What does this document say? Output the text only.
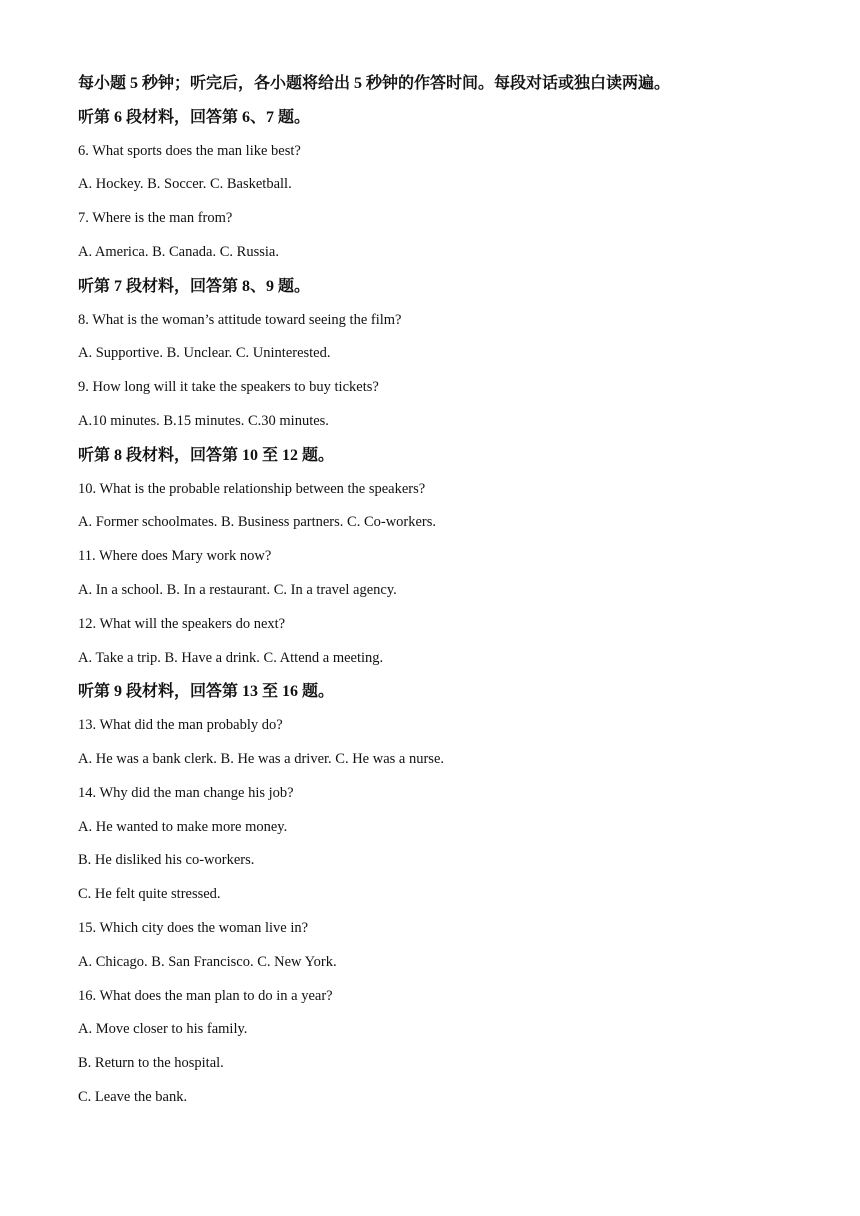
每小题 5 秒钟；听完后，各小题将给出 5 秒钟的作答时间。每段对话或独白读两遍。
听第 6 段材料，回答第 6、7 题。
6. What sports does the man like best?
A. Hockey. B. Soccer. C. Basketball.
7. Where is the man from?
A. America. B. Canada. C. Russia.
听第 7 段材料，回答第 8、9 题。
8. What is the woman’s attitude toward seeing the film?
A. Supportive. B. Unclear. C. Uninterested.
9. How long will it take the speakers to buy tickets?
A.10 minutes. B.15 minutes. C.30 minutes.
听第 8 段材料，回答第 10 至 12 题。
10. What is the probable relationship between the speakers?
A. Former schoolmates. B. Business partners. C. Co-workers.
11. Where does Mary work now?
A. In a school. B. In a restaurant. C. In a travel agency.
12. What will the speakers do next?
A. Take a trip. B. Have a drink. C. Attend a meeting.
听第 9 段材料，回答第 13 至 16 题。
13. What did the man probably do?
A. He was a bank clerk. B. He was a driver. C. He was a nurse.
14. Why did the man change his job?
A. He wanted to make more money.
B. He disliked his co-workers.
C. He felt quite stressed.
15. Which city does the woman live in?
A. Chicago. B. San Francisco. C. New York.
16. What does the man plan to do in a year?
A. Move closer to his family.
B. Return to the hospital.
C. Leave the bank.
